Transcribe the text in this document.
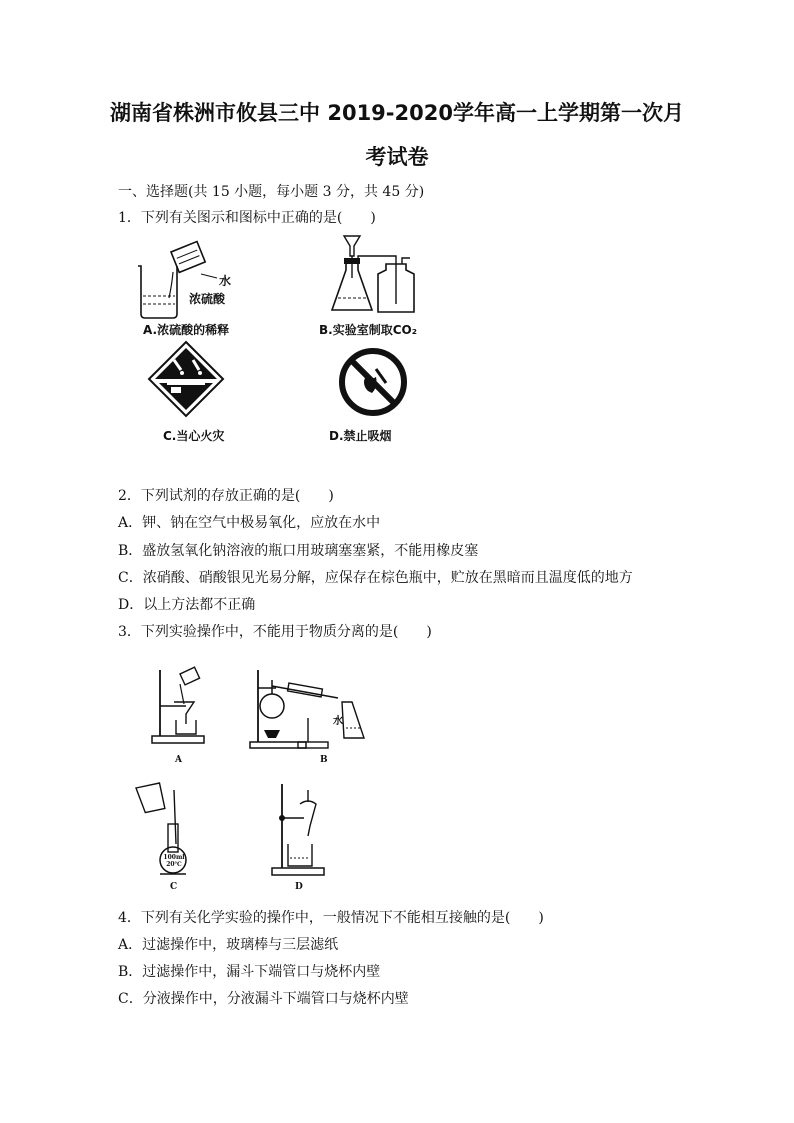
湖南省株洲市攸县三中 2019-2020学年高一上学期第一次月
考试卷
一、选择题(共 15 小题，每小题 3 分，共 45 分)
1．下列有关图示和图标中正确的是(　　)
水
浓硫酸
A.浓硫酸的稀释	B.实验室制取CO₂
C.当心火灾	D.禁止吸烟
2．下列试剂的存放正确的是(　　)
A．钾、钠在空气中极易氧化，应放在水中
B．盛放氢氧化钠溶液的瓶口用玻璃塞塞紧，不能用橡皮塞
C．浓硝酸、硝酸银见光易分解，应保存在棕色瓶中，贮放在黑暗而且温度低的地方
D．以上方法都不正确
3．下列实验操作中，不能用于物质分离的是(　　)
A
水
B
100ml 20℃
C	D
4．下列有关化学实验的操作中，一般情况下不能相互接触的是(　　)
A．过滤操作中，玻璃棒与三层滤纸
B．过滤操作中，漏斗下端管口与烧杯内壁
C．分液操作中，分液漏斗下端管口与烧杯内壁
